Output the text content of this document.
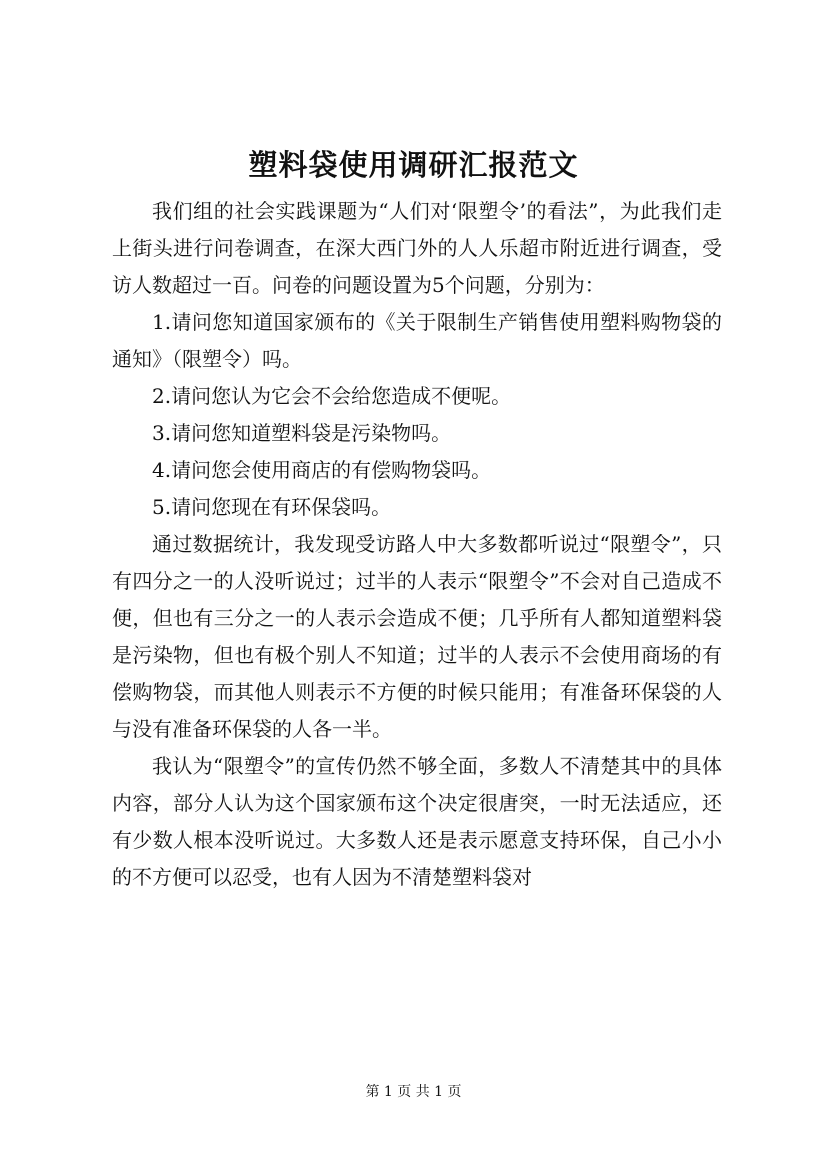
塑料袋使用调研汇报范文

我们组的社会实践课题为“人们对‘限塑令’的看法”，为此我们走上街头进行问卷调查，在深大西门外的人人乐超市附近进行调查，受访人数超过一百。问卷的问题设置为5个问题，分别为：

1.请问您知道国家颁布的《关于限制生产销售使用塑料购物袋的通知》（限塑令）吗。

2.请问您认为它会不会给您造成不便呢。

3.请问您知道塑料袋是污染物吗。

4.请问您会使用商店的有偿购物袋吗。

5.请问您现在有环保袋吗。

通过数据统计，我发现受访路人中大多数都听说过“限塑令”，只有四分之一的人没听说过；过半的人表示“限塑令”不会对自己造成不便，但也有三分之一的人表示会造成不便；几乎所有人都知道塑料袋是污染物，但也有极个别人不知道；过半的人表示不会使用商场的有偿购物袋，而其他人则表示不方便的时候只能用；有准备环保袋的人与没有准备环保袋的人各一半。

我认为“限塑令”的宣传仍然不够全面，多数人不清楚其中的具体内容，部分人认为这个国家颁布这个决定很唐突，一时无法适应，还有少数人根本没听说过。大多数人还是表示愿意支持环保，自己小小的不方便可以忍受，也有人因为不清楚塑料袋对

第 1 页 共 1 页
